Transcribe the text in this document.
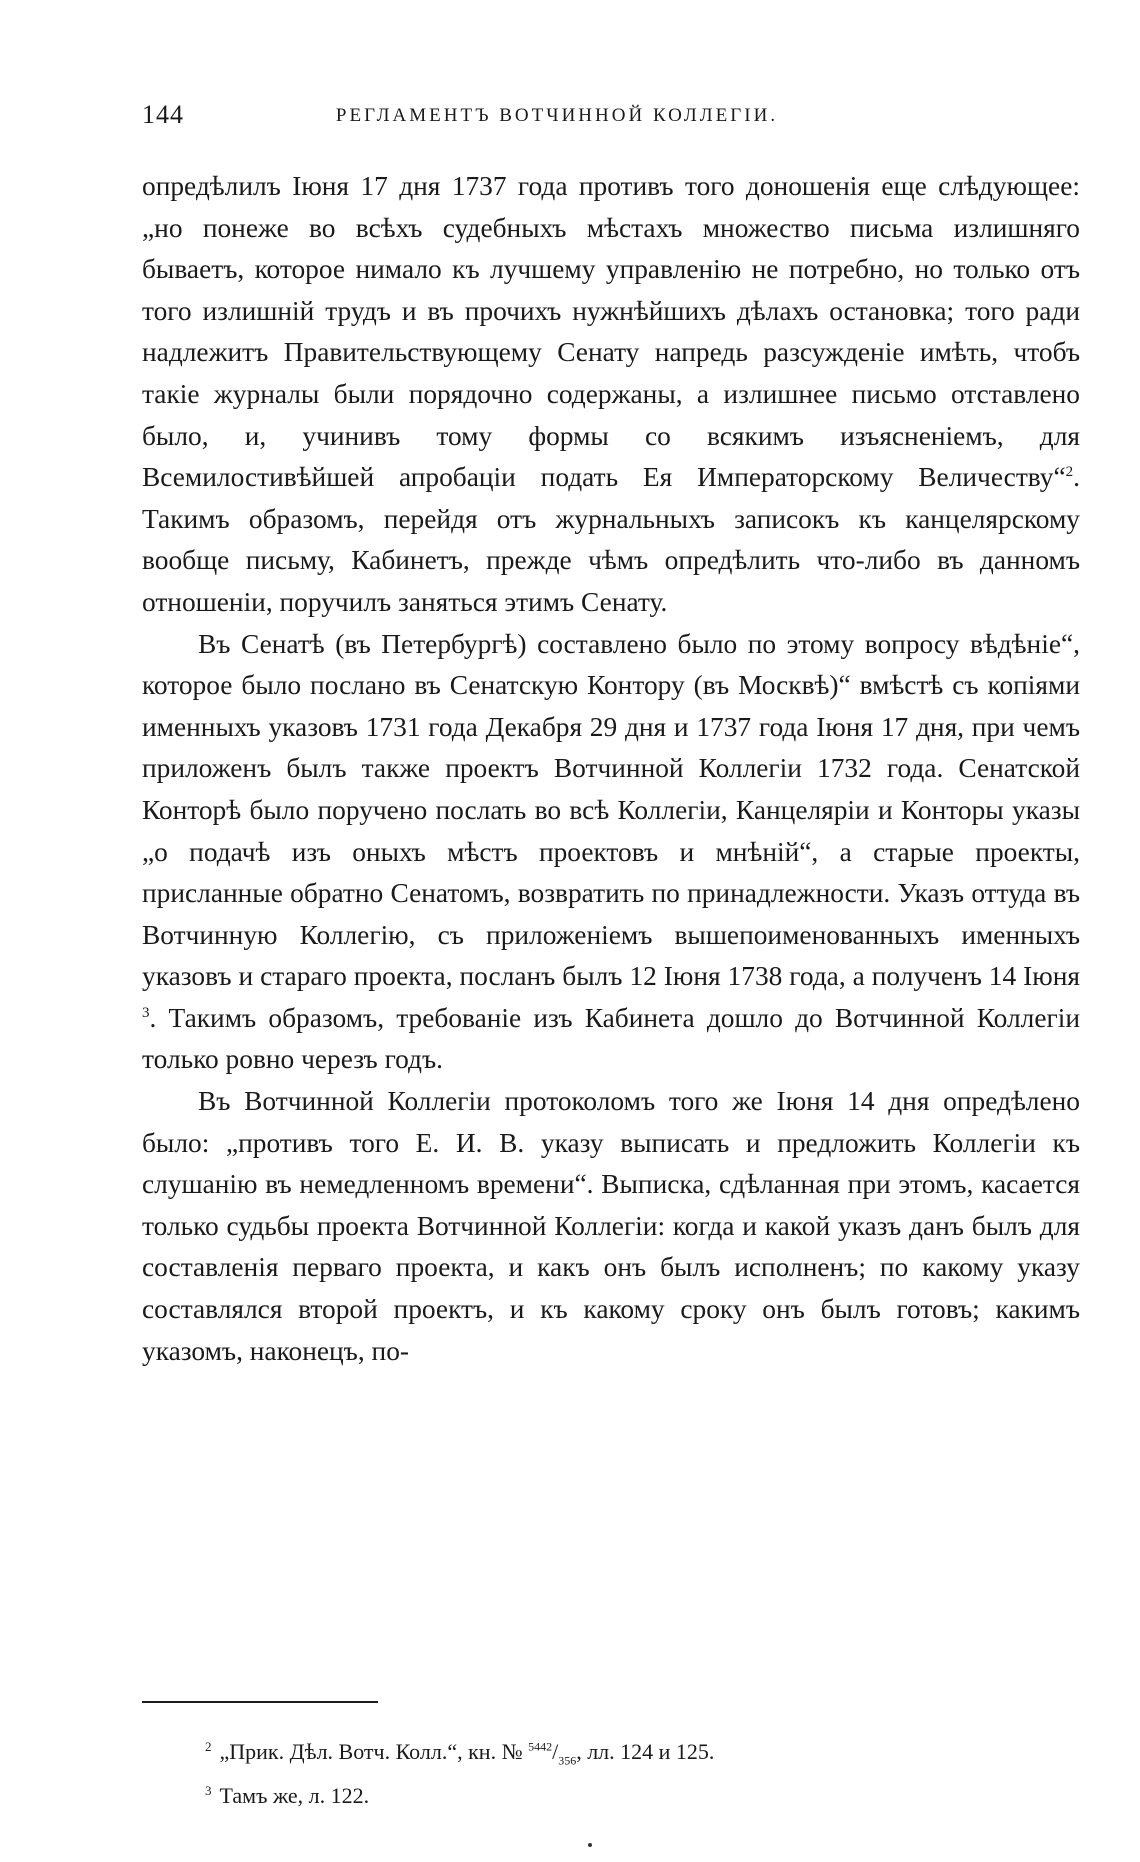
144	РЕГЛАМЕНТЪ ВОТЧИННОЙ КОЛЛЕГІИ.

опредѣлилъ Іюня 17 дня 1737 года противъ того доношенія еще слѣдующее: „но понеже во всѣхъ судебныхъ мѣстахъ множество письма излишняго бываетъ, которое нимало къ лучшему управленію не потребно, но только отъ того излишній трудъ и въ прочихъ нужнѣйшихъ дѣлахъ остановка; того ради надлежитъ Правительствующему Сенату напредь разсужденіе имѣть, чтобъ такіе журналы были порядочно содержаны, а излишнее письмо отставлено было, и, учинивъ тому формы со всякимъ изъясненіемъ, для Всемилостивѣйшей апробаціи подать Ея Императорскому Величеству“$^2$. Такимъ образомъ, перейдя отъ журнальныхъ записокъ къ канцелярскому вообще письму, Кабинетъ, прежде чѣмъ опредѣлить что-либо въ данномъ отношеніи, поручилъ заняться этимъ Сенату.

Въ Сенатѣ (въ Петербургѣ) составлено было по этому вопросу вѣдѣніе“, которое было послано въ Сенатскую Контору (въ Москвѣ)“ вмѣстѣ съ копіями именныхъ указовъ 1731 года Декабря 29 дня и 1737 года Іюня 17 дня, при чемъ приложенъ былъ также проектъ Вотчинной Коллегіи 1732 года. Сенатской Конторѣ было поручено послать во всѣ Коллегіи, Канцеляріи и Конторы указы „о подачѣ изъ оныхъ мѣстъ проектовъ и мнѣній“, а старые проекты, присланные обратно Сенатомъ, возвратить по принадлежности. Указъ оттуда въ Вотчинную Коллегію, съ приложеніемъ вышепоименованныхъ именныхъ указовъ и стараго проекта, посланъ былъ 12 Іюня 1738 года, а полученъ 14 Іюня $^3$. Такимъ образомъ, требованіе изъ Кабинета дошло до Вотчинной Коллегіи только ровно черезъ годъ.

Въ Вотчинной Коллегіи протоколомъ того же Іюня 14 дня опредѣлено было: „противъ того Е. И. В. указу выписать и предложить Коллегіи къ слушанію въ немедленномъ времени“. Выписка, сдѣланная при этомъ, касается только судьбы проекта Вотчинной Коллегіи: когда и какой указъ данъ былъ для составленія перваго проекта, и какъ онъ былъ исполненъ; по какому указу составлялся второй проектъ, и къ какому сроку онъ былъ готовъ; какимъ указомъ, наконецъ, по-

$^2$ „Прик. Дѣл. Вотч. Колл.“, кн. № $^{5442}/_{356}$, лл. 124 и 125.
$^3$ Тамъ же, л. 122.
